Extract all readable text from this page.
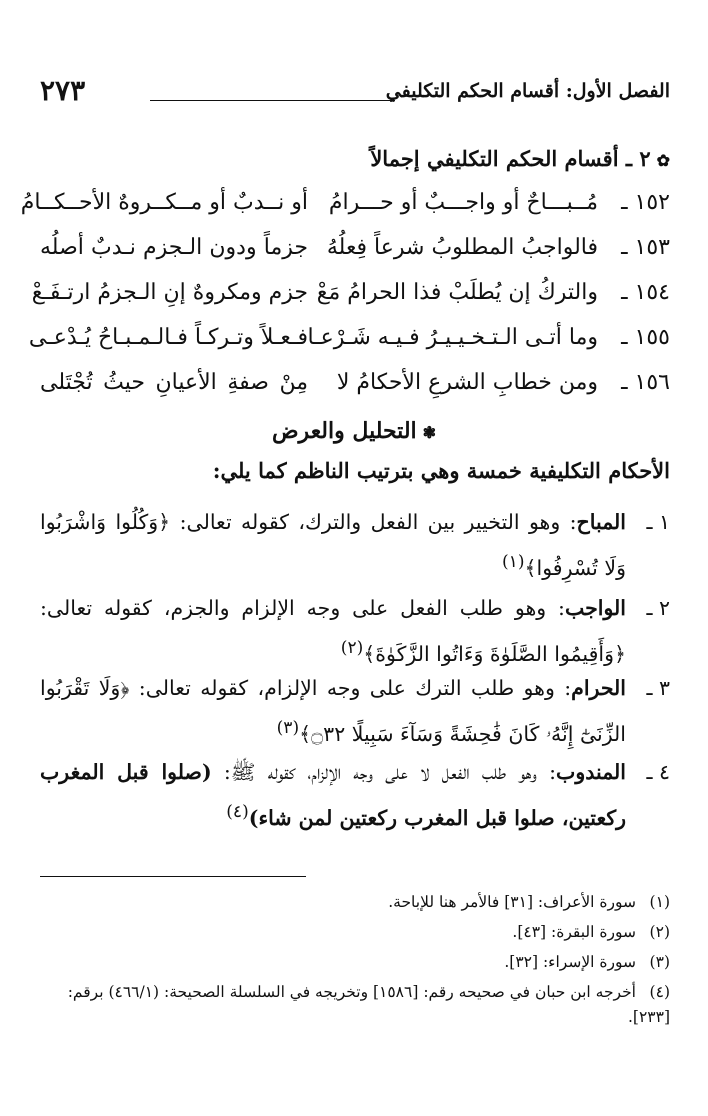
الفصل الأول: أقسام الحكم التكليفي
٢٧٣
✿٢ ـ أقسام الحكم التكليفي إجمالاً
١٥٢ ـ
مُــبـــاحٌ أو واجـــبٌ أو حـــرامُ
أو نــدبٌ أو مــكــروهٌ الأحــكــامُ
١٥٣ ـ
فالواجبُ المطلوبُ شرعاً فِعلُهُ
جزماً ودون الـجزم نـدبٌ أصلُه
١٥٤ ـ
والتركُ إن يُطلَبْ فذا الحرامُ مَعْ
جزم ومكروهٌ إنِ الـجزمُ ارتـفَـعْ
١٥٥ ـ
وما أتـى الـتـخـيـيـرُ فـيـه شَـرْعـا
فـعـلاً وتـركـاً فـالـمـبـاحُ يُـدْعـى
١٥٦ ـ
ومن خطابِ الشرعِ الأحكامُ لا
مِنْ صفةِ الأعيانِ حيثُ تُجْتَلى
❃التحليل والعرض
الأحكام التكليفية خمسة وهي بترتيب الناظم كما يلي:
١ ـ
المباح: وهو التخيير بين الفعل والترك، كقوله تعالى: ﴿وَكُلُوا وَاشْرَبُوا وَلَا تُسْرِفُوا﴾$^{(١)}$
٢ ـ
الواجب: وهو طلب الفعل على وجه الإلزام والجزم، كقوله تعالى: ﴿وَأَقِيمُوا الصَّلَوٰةَ وَءَاتُوا الزَّكَوٰةَ﴾$^{(٢)}$
٣ ـ
الحرام: وهو طلب الترك على وجه الإلزام، كقوله تعالى: ﴿وَلَا تَقْرَبُوا الزِّنَىٰٓ إِنَّهُۥ كَانَ فَٰحِشَةً وَسَآءَ سَبِيلًا ۝٣٢﴾$^{(٣)}$
٤ ـ
المندوب: وهو طلب الفعل لا على وجه الإلزام، كقوله ﷺ: (صلوا قبل المغرب ركعتين، صلوا قبل المغرب ركعتين لمن شاء)$^{(٤)}$
(١)سورة الأعراف: [٣١] فالأمر هنا للإباحة.
(٢)سورة البقرة: [٤٣].
(٣)سورة الإسراء: [٣٢].
(٤)أخرجه ابن حبان في صحيحه رقم: [١٥٨٦] وتخريجه في السلسلة الصحيحة: (٤٦٦/١) برقم: [٢٣٣].
